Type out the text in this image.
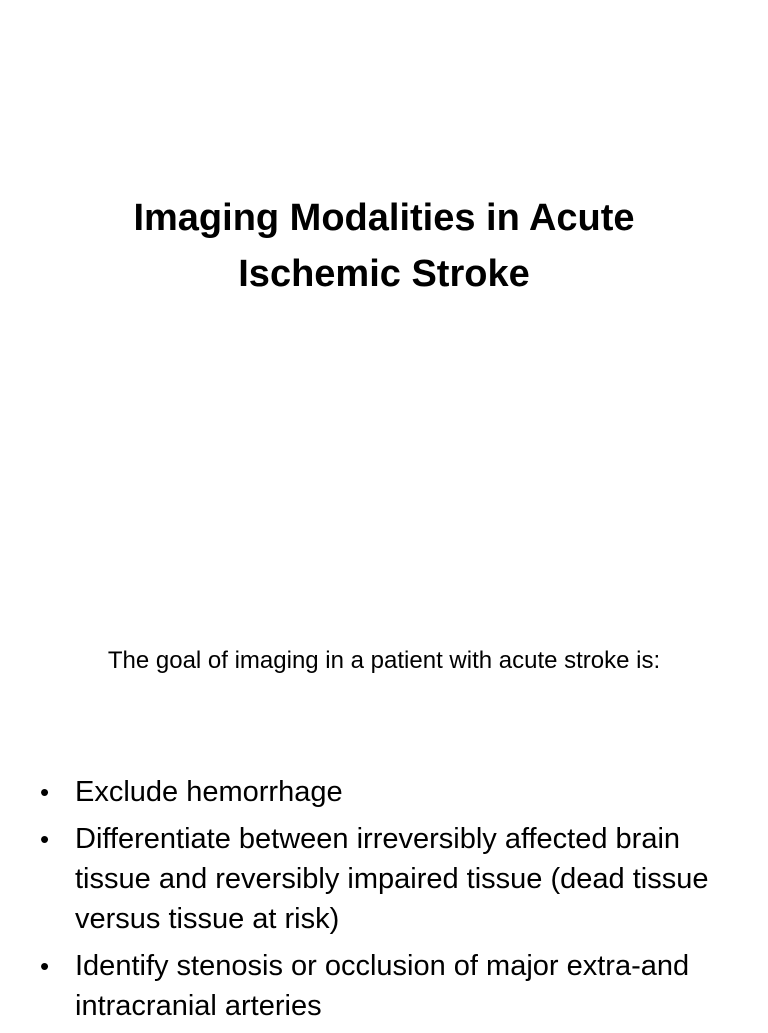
Imaging Modalities in Acute
Ischemic Stroke
The goal of imaging in a patient with acute stroke is:
• Exclude hemorrhage
• Differentiate between irreversibly affected brain tissue and reversibly impaired tissue (dead tissue versus tissue at risk)
• Identify stenosis or occlusion of major extra-and intracranial arteries
